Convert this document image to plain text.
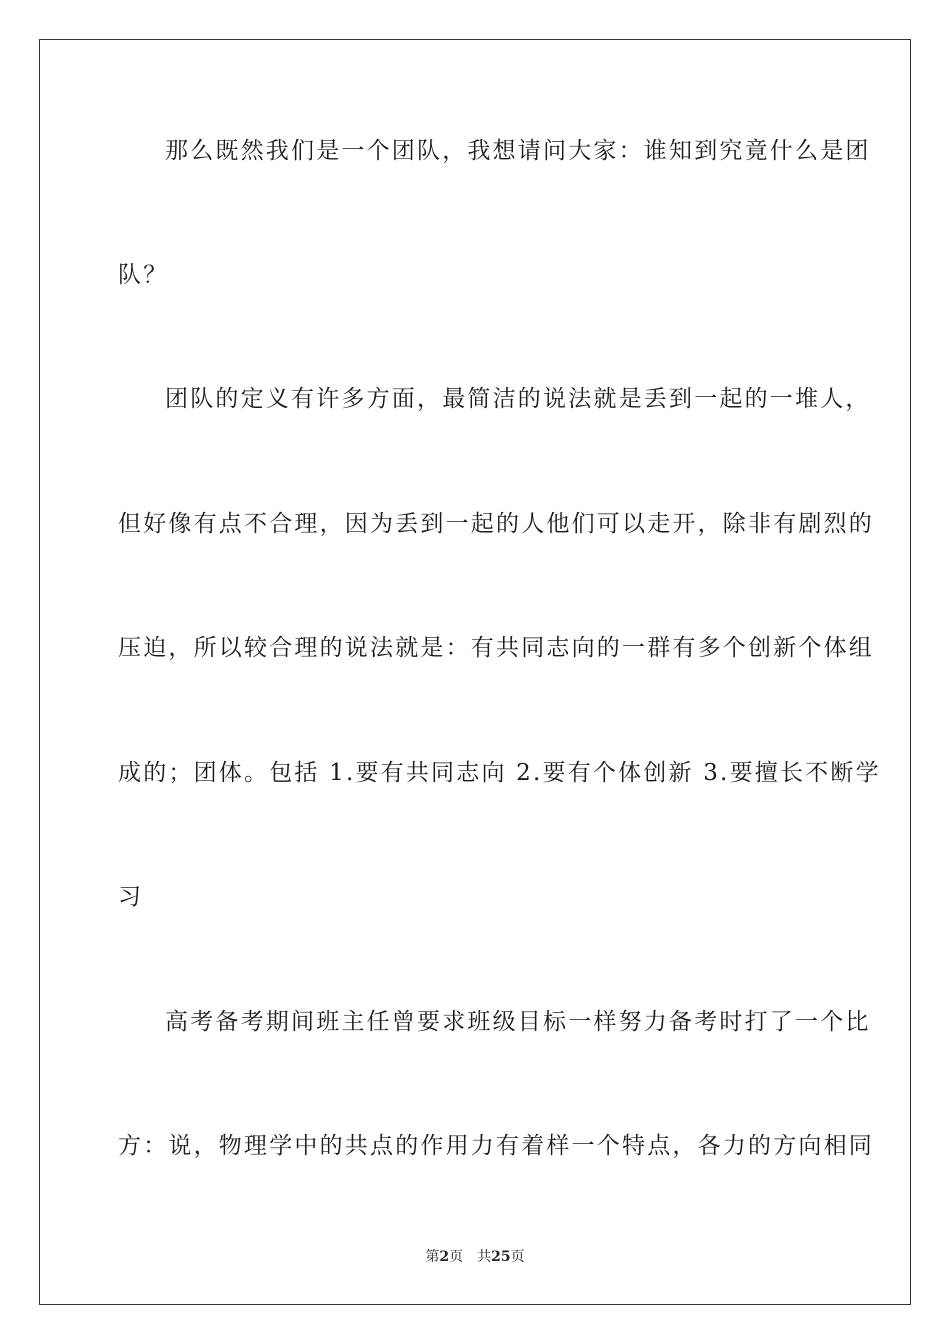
那么既然我们是一个团队，我想请问大家：谁知到究竟什么是团
队？
团队的定义有许多方面，最简洁的说法就是丢到一起的一堆人，
但好像有点不合理，因为丢到一起的人他们可以走开，除非有剧烈的
压迫，所以较合理的说法就是：有共同志向的一群有多个创新个体组
成的；团体。包括 1.要有共同志向 2.要有个体创新 3.要擅长不断学
习
高考备考期间班主任曾要求班级目标一样努力备考时打了一个比
方：说，物理学中的共点的作用力有着样一个特点，各力的方向相同
第2页 共25页
